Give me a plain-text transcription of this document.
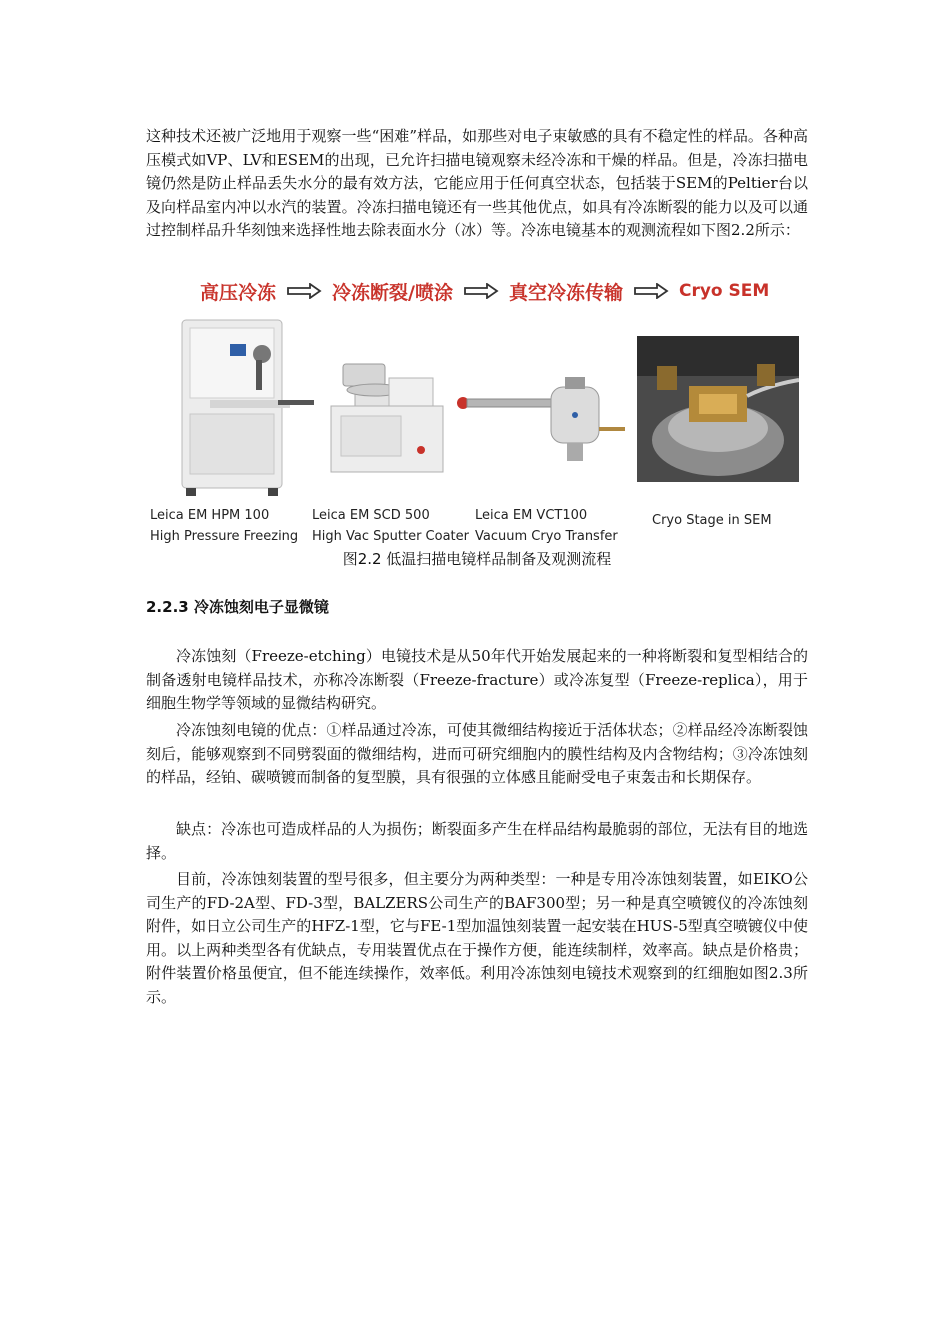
这种技术还被广泛地用于观察一些“困难”样品，如那些对电子束敏感的具有不稳定性的样品。各种高压模式如VP、LV和ESEM的出现，已允许扫描电镜观察未经冷冻和干燥的样品。但是，冷冻扫描电镜仍然是防止样品丢失水分的最有效方法，它能应用于任何真空状态，包括装于SEM的Peltier台以及向样品室内冲以水汽的装置。冷冻扫描电镜还有一些其他优点，如具有冷冻断裂的能力以及可以通过控制样品升华刻蚀来选择性地去除表面水分（冰）等。冷冻电镜基本的观测流程如下图2.2所示：

高压冷冻	冷冻断裂/喷涂	真空冷冻传输	Cryo SEM
Leica EM HPM 100
High Pressure Freezing
Leica EM SCD 500
High Vac Sputter Coater
Leica EM VCT100
Vacuum Cryo Transfer
Cryo Stage in SEM
图2.2 低温扫描电镜样品制备及观测流程
2.2.3 冷冻蚀刻电子显微镜

冷冻蚀刻（Freeze-etching）电镜技术是从50年代开始发展起来的一种将断裂和复型相结合的制备透射电镜样品技术，亦称冷冻断裂（Freeze-fracture）或冷冻复型（Freeze-replica），用于细胞生物学等领域的显微结构研究。

冷冻蚀刻电镜的优点：①样品通过冷冻，可使其微细结构接近于活体状态；②样品经冷冻断裂蚀刻后，能够观察到不同劈裂面的微细结构，进而可研究细胞内的膜性结构及内含物结构；③冷冻蚀刻的样品，经铂、碳喷镀而制备的复型膜，具有很强的立体感且能耐受电子束轰击和长期保存。

缺点：冷冻也可造成样品的人为损伤；断裂面多产生在样品结构最脆弱的部位，无法有目的地选择。

目前，冷冻蚀刻装置的型号很多，但主要分为两种类型：一种是专用冷冻蚀刻装置，如EIKO公司生产的FD-2A型、FD-3型，BALZERS公司生产的BAF300型；另一种是真空喷镀仪的冷冻蚀刻附件，如日立公司生产的HFZ-1型，它与FE-1型加温蚀刻装置一起安装在HUS-5型真空喷镀仪中使用。以上两种类型各有优缺点，专用装置优点在于操作方便，能连续制样，效率高。缺点是价格贵；附件装置价格虽便宜，但不能连续操作，效率低。利用冷冻蚀刻电镜技术观察到的红细胞如图2.3所示。
